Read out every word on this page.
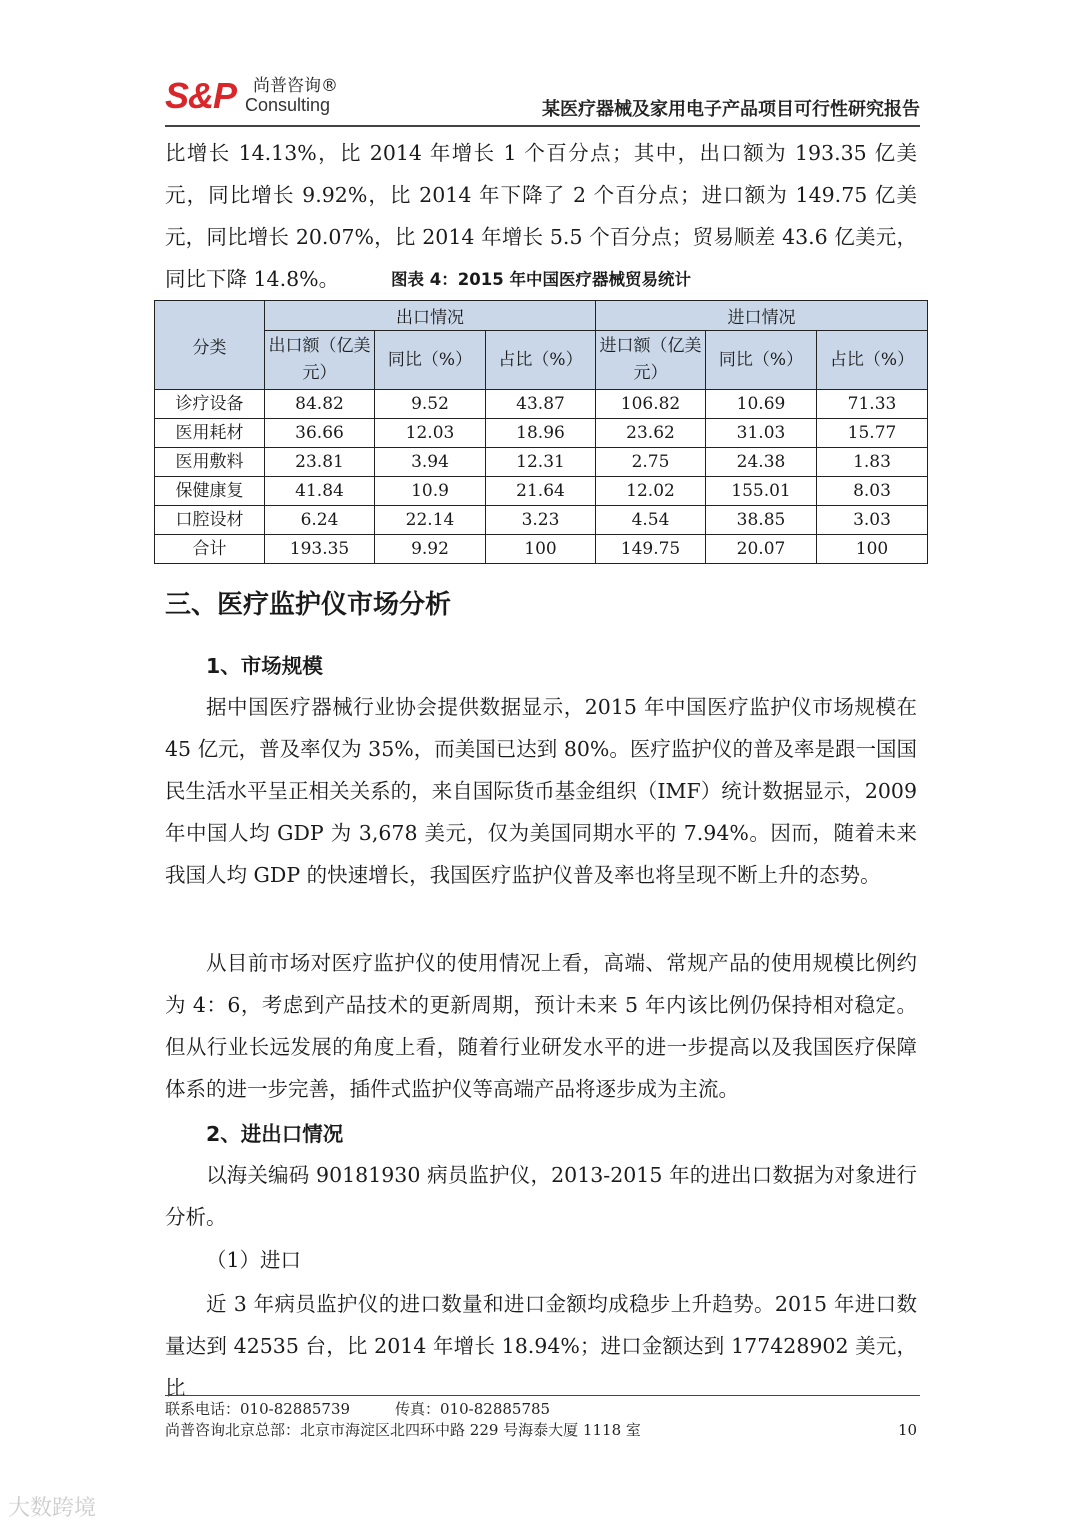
S&P 尚普咨询®
Consulting	某医疗器械及家用电子产品项目可行性研究报告

比增长 14.13%，比 2014 年增长 1 个百分点；其中，出口额为 193.35 亿美元，同比增长 9.92%，比 2014 年下降了 2 个百分点；进口额为 149.75 亿美元，同比增长 20.07%，比 2014 年增长 5.5 个百分点；贸易顺差 43.6 亿美元，同比下降 14.8%。	图表 4：2015 年中国医疗器械贸易统计
分类	出口情况			进口情况		
	出口额（亿美元）	同比（%）	占比（%）	进口额（亿美元）	同比（%）	占比（%）
诊疗设备	84.82	9.52	43.87	106.82	10.69	71.33
医用耗材	36.66	12.03	18.96	23.62	31.03	15.77
医用敷料	23.81	3.94	12.31	2.75	24.38	1.83
保健康复	41.84	10.9	21.64	12.02	155.01	8.03
口腔设材	6.24	22.14	3.23	4.54	38.85	3.03
合计	193.35	9.92	100	149.75	20.07	100
三、医疗监护仪市场分析
1、市场规模

据中国医疗器械行业协会提供数据显示，2015 年中国医疗监护仪市场规模在 45 亿元，普及率仅为 35%，而美国已达到 80%。医疗监护仪的普及率是跟一国国民生活水平呈正相关关系的，来自国际货币基金组织（IMF）统计数据显示，2009 年中国人均 GDP 为 3,678 美元，仅为美国同期水平的 7.94%。因而，随着未来我国人均 GDP 的快速增长，我国医疗监护仪普及率也将呈现不断上升的态势。

从目前市场对医疗监护仪的使用情况上看，高端、常规产品的使用规模比例约为 4：6，考虑到产品技术的更新周期，预计未来 5 年内该比例仍保持相对稳定。但从行业长远发展的角度上看，随着行业研发水平的进一步提高以及我国医疗保障体系的进一步完善，插件式监护仪等高端产品将逐步成为主流。

2、进出口情况

以海关编码 90181930 病员监护仪，2013-2015 年的进出口数据为对象进行分析。

（1）进口

近 3 年病员监护仪的进口数量和进口金额均成稳步上升趋势。2015 年进口数量达到 42535 台，比 2014 年增长 18.94%；进口金额达到 177428902 美元，比

联系电话：010-82885739　　　传真：010-82885785
尚普咨询北京总部：北京市海淀区北四环中路 229 号海泰大厦 1118 室	10
大数跨境
